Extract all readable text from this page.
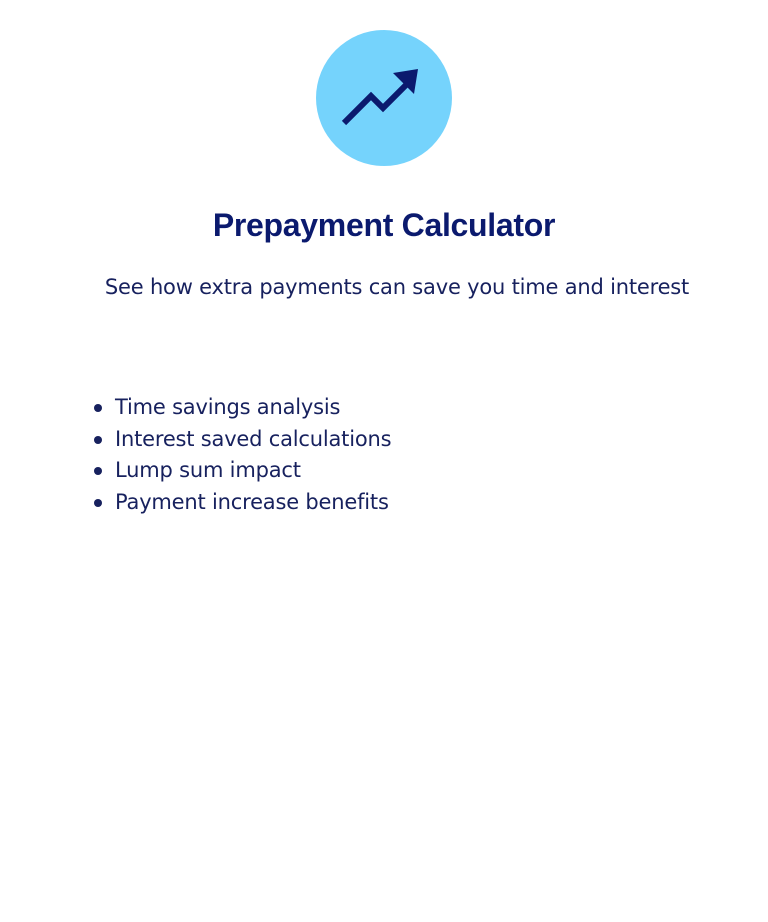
Prepayment Calculator
See how extra payments can save you time and interest
Time savings analysis
Interest saved calculations
Lump sum impact
Payment increase benefits
